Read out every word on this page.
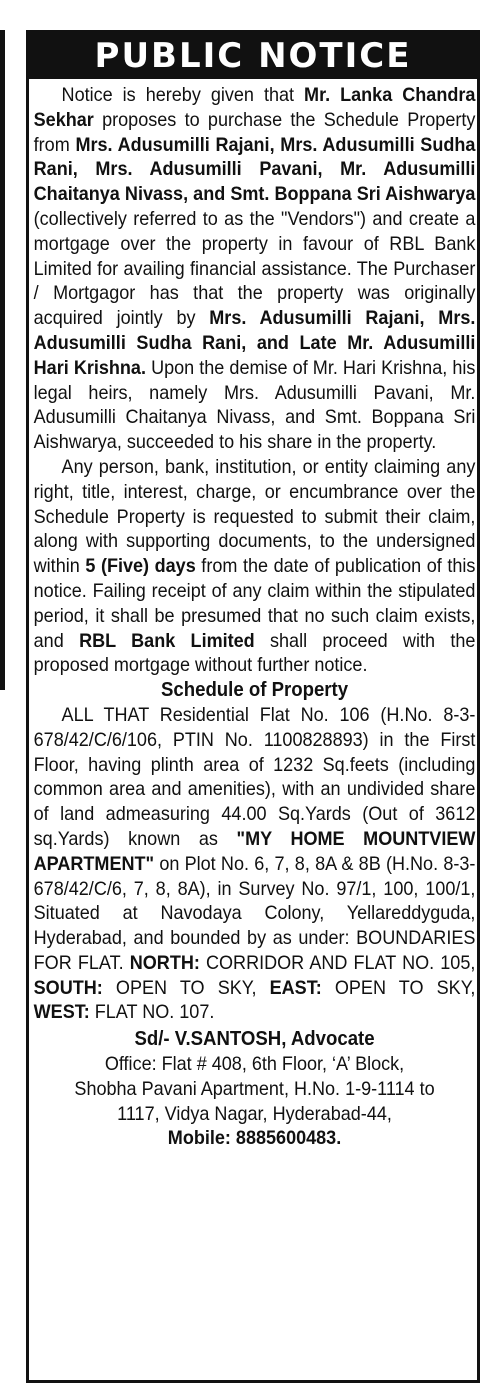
PUBLIC NOTICE

Notice is hereby given that Mr. Lanka Chandra Sekhar proposes to purchase the Schedule Property from Mrs. Adusumilli Rajani, Mrs. Adusumilli Sudha Rani, Mrs. Adusumilli Pavani, Mr. Adusumilli Chaitanya Nivass, and Smt. Boppana Sri Aishwarya (collectively referred to as the "Vendors") and create a mortgage over the property in favour of RBL Bank Limited for availing financial assistance. The Purchaser / Mortgagor has that the property was originally acquired jointly by Mrs. Adusumilli Rajani, Mrs. Adusumilli Sudha Rani, and Late Mr. Adusumilli Hari Krishna. Upon the demise of Mr. Hari Krishna, his legal heirs, namely Mrs. Adusumilli Pavani, Mr. Adusumilli Chaitanya Nivass, and Smt. Boppana Sri Aishwarya, succeeded to his share in the property.

Any person, bank, institution, or entity claiming any right, title, interest, charge, or encumbrance over the Schedule Property is requested to submit their claim, along with supporting documents, to the undersigned within 5 (Five) days from the date of publication of this notice. Failing receipt of any claim within the stipulated period, it shall be presumed that no such claim exists, and RBL Bank Limited shall proceed with the proposed mortgage without further notice.

Schedule of Property

ALL THAT Residential Flat No. 106 (H.No. 8-3-678/42/C/6/106, PTIN No. 1100828893) in the First Floor, having plinth area of 1232 Sq.feets (including common area and amenities), with an undivided share of land admeasuring 44.00 Sq.Yards (Out of 3612 sq.Yards) known as "MY HOME MOUNTVIEW APARTMENT" on Plot No. 6, 7, 8, 8A & 8B (H.No. 8-3-678/42/C/6, 7, 8, 8A), in Survey No. 97/1, 100, 100/1, Situated at Navodaya Colony, Yellareddyguda, Hyderabad, and bounded by as under: BOUNDARIES FOR FLAT. NORTH: CORRIDOR AND FLAT NO. 105, SOUTH: OPEN TO SKY, EAST: OPEN TO SKY, WEST: FLAT NO. 107.

Sd/- V.SANTOSH, Advocate

Office: Flat # 408, 6th Floor, ‘A’ Block,

Shobha Pavani Apartment, H.No. 1-9-1114 to

1117, Vidya Nagar, Hyderabad-44,

Mobile: 8885600483.
